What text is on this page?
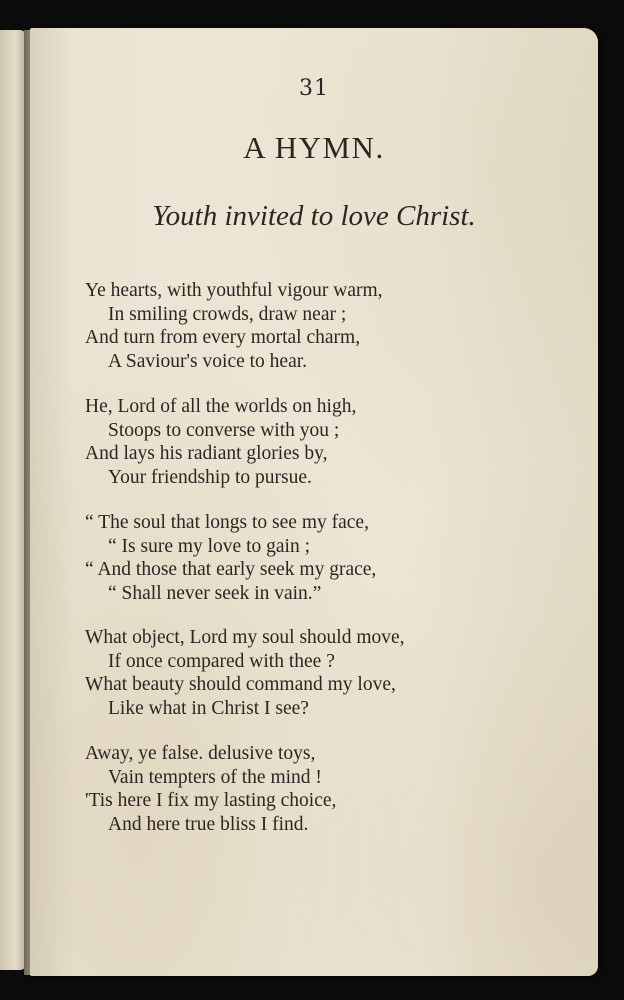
31
A HYMN.
Youth invited to love Christ.
Ye hearts, with youthful vigour warm,
In smiling crowds, draw near ;
And turn from every mortal charm,
A Saviour's voice to hear.
He, Lord of all the worlds on high,
Stoops to converse with you ;
And lays his radiant glories by,
Your friendship to pursue.
“ The soul that longs to see my face,
“ Is sure my love to gain ;
“ And those that early seek my grace,
“ Shall never seek in vain.”
What object, Lord my soul should move,
If once compared with thee ?
What beauty should command my love,
Like what in Christ I see?
Away, ye false. delusive toys,
Vain tempters of the mind !
'Tis here I fix my lasting choice,
And here true bliss I find.
